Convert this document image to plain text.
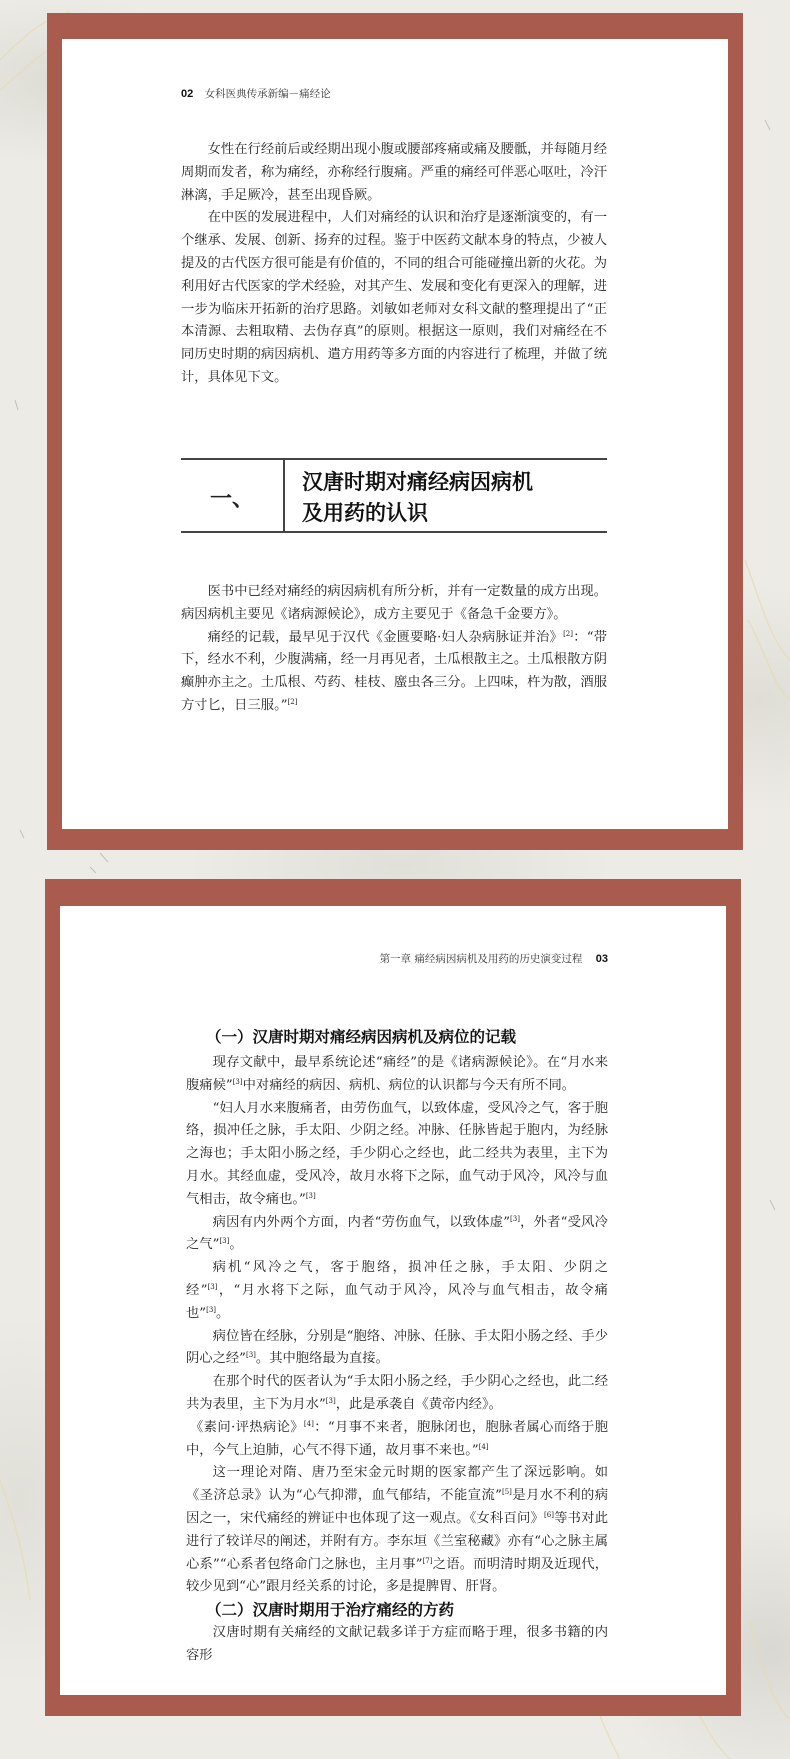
02 女科医典传承新编－痛经论

女性在行经前后或经期出现小腹或腰部疼痛或痛及腰骶，并每随月经周期而发者，称为痛经，亦称经行腹痛。严重的痛经可伴恶心呕吐，冷汗淋漓，手足厥冷，甚至出现昏厥。

在中医的发展进程中，人们对痛经的认识和治疗是逐渐演变的，有一个继承、发展、创新、扬弃的过程。鉴于中医药文献本身的特点，少被人提及的古代医方很可能是有价值的，不同的组合可能碰撞出新的火花。为利用好古代医家的学术经验，对其产生、发展和变化有更深入的理解，进一步为临床开拓新的治疗思路。刘敏如老师对女科文献的整理提出了“正本清源、去粗取精、去伪存真”的原则。根据这一原则，我们对痛经在不同历史时期的病因病机、遣方用药等多方面的内容进行了梳理，并做了统计，具体见下文。

一、
汉唐时期对痛经病因病机
及用药的认识

医书中已经对痛经的病因病机有所分析，并有一定数量的成方出现。病因病机主要见《诸病源候论》，成方主要见于《备急千金要方》。

痛经的记载，最早见于汉代《金匮要略·妇人杂病脉证并治》[2]：“带下，经水不利，少腹满痛，经一月再见者，土瓜根散主之。土瓜根散方阴癫肿亦主之。土瓜根、芍药、桂枝、䗪虫各三分。上四味，杵为散，酒服方寸匕，日三服。”[2]

第一章 痛经病因病机及用药的历史演变过程 03
（一）汉唐时期对痛经病因病机及病位的记载

现存文献中，最早系统论述“痛经”的是《诸病源候论》。在“月水来腹痛候”[3]中对痛经的病因、病机、病位的认识都与今天有所不同。

“妇人月水来腹痛者，由劳伤血气，以致体虚，受风冷之气，客于胞络，损冲任之脉，手太阳、少阴之经。冲脉、任脉皆起于胞内，为经脉之海也；手太阳小肠之经，手少阴心之经也，此二经共为表里，主下为月水。其经血虚，受风冷，故月水将下之际，血气动于风冷，风冷与血气相击，故令痛也。”[3]

病因有内外两个方面，内者“劳伤血气，以致体虚”[3]，外者“受风冷之气”[3]。

病机“风冷之气，客于胞络，损冲任之脉，手太阳、少阴之经”[3]，“月水将下之际，血气动于风冷，风冷与血气相击，故令痛也”[3]。

病位皆在经脉，分别是“胞络、冲脉、任脉、手太阳小肠之经、手少阴心之经”[3]。其中胞络最为直接。

在那个时代的医者认为“手太阳小肠之经，手少阴心之经也，此二经共为表里，主下为月水”[3]，此是承袭自《黄帝内经》。

《素问·评热病论》[4]：“月事不来者，胞脉闭也，胞脉者属心而络于胞中，今气上迫肺，心气不得下通，故月事不来也。”[4]

这一理论对隋、唐乃至宋金元时期的医家都产生了深远影响。如《圣济总录》认为“心气抑滞，血气郁结，不能宣流”[5]是月水不利的病因之一，宋代痛经的辨证中也体现了这一观点。《女科百问》[6]等书对此进行了较详尽的阐述，并附有方。李东垣《兰室秘藏》亦有“心之脉主属心系”“心系者包络命门之脉也，主月事”[7]之语。而明清时期及近现代，较少见到“心”跟月经关系的讨论，多是提脾胃、肝肾。

（二）汉唐时期用于治疗痛经的方药

汉唐时期有关痛经的文献记载多详于方症而略于理，很多书籍的内容形
